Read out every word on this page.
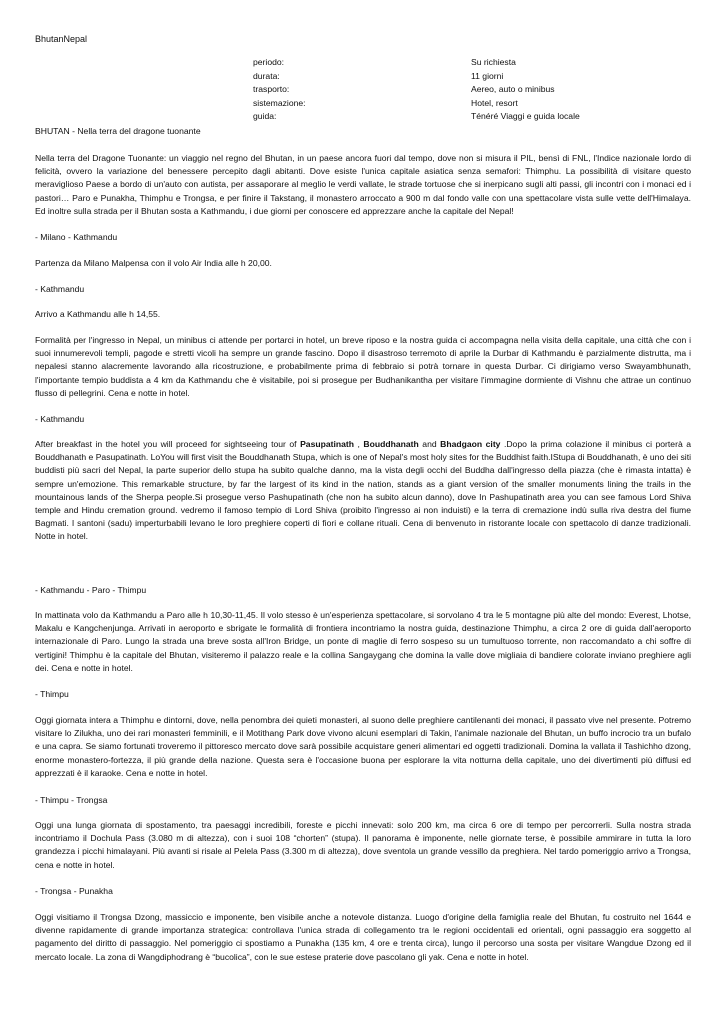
BhutanNepal
periodo:	Su richiesta
durata:	11 giorni
trasporto:	Aereo, auto o minibus
sistemazione:	Hotel, resort
guida:	Ténéré Viaggi e guida locale
BHUTAN - Nella terra del dragone tuonante

Nella terra del Dragone Tuonante: un viaggio nel regno del Bhutan, in un paese ancora fuori dal tempo, dove non si misura il PIL, bensì di FNL, l'Indice nazionale lordo di felicità, ovvero la variazione del benessere percepito dagli abitanti. Dove esiste l'unica capitale asiatica senza semafori: Thimphu. La possibilità di visitare questo meraviglioso Paese a bordo di un'auto con autista, per assaporare al meglio le verdi vallate, le strade tortuose che si inerpicano sugli alti passi, gli incontri con i monaci ed i pastori… Paro e Punakha, Thimphu e Trongsa, e per finire il Takstang, il monastero arroccato a 900 m dal fondo valle con una spettacolare vista sulle vette dell'Himalaya. Ed inoltre sulla strada per il Bhutan sosta a Kathmandu, i due giorni per conoscere ed apprezzare anche la capitale del Nepal!

- Milano - Kathmandu

Partenza da Milano Malpensa con il volo Air India alle h 20,00.

- Kathmandu

Arrivo a Kathmandu alle h 14,55.

Formalità per l'ingresso in Nepal, un minibus ci attende per portarci in hotel, un breve riposo e la nostra guida ci accompagna nella visita della capitale, una città che con i suoi innumerevoli templi, pagode e stretti vicoli ha sempre un grande fascino. Dopo il disastroso terremoto di aprile la Durbar di Kathmandu è parzialmente distrutta, ma i nepalesi stanno alacremente lavorando alla ricostruzione, e probabilmente prima di febbraio si potrà tornare in questa Durbar. Ci dirigiamo verso Swayambhunath, l'importante tempio buddista a 4 km da Kathmandu che è visitabile, poi si prosegue per Budhanikantha per visitare l'immagine dormiente di Vishnu che attrae un continuo flusso di pellegrini. Cena e notte in hotel.

- Kathmandu

After breakfast in the hotel you will proceed for sightseeing tour of Pasupatinath , Bouddhanath and Bhadgaon city .Dopo la prima colazione il minibus ci porterà a Bouddhanath e Pasupatinath. LoYou will first visit the Bouddhanath Stupa, which is one of Nepal's most holy sites for the Buddhist faith.IStupa di Bouddhanath, è uno dei siti buddisti più sacri del Nepal, la parte superior dello stupa ha subito qualche danno, ma la vista degli occhi del Buddha dall'ingresso della piazza (che è rimasta intatta) è sempre un'emozione. This remarkable structure, by far the largest of its kind in the nation, stands as a giant version of the smaller monuments lining the trails in the mountainous lands of the Sherpa people.Si prosegue verso Pashupatinath (che non ha subito alcun danno), dove In Pashupatinath area you can see famous Lord Shiva temple and Hindu cremation ground. vedremo il famoso tempio di Lord Shiva (proibito l'ingresso ai non induisti) e la terra di cremazione indù sulla riva destra del fiume Bagmati. I santoni (sadu) imperturbabili levano le loro preghiere coperti di fiori e collane rituali. Cena di benvenuto in ristorante locale con spettacolo di danze tradizionali. Notte in hotel.

- Kathmandu - Paro - Thimpu

In mattinata volo da Kathmandu a Paro alle h 10,30-11,45. Il volo stesso è un'esperienza spettacolare, si sorvolano 4 tra le 5 montagne più alte del mondo: Everest, Lhotse, Makalu e Kangchenjunga. Arrivati in aeroporto e sbrigate le formalità di frontiera incontriamo la nostra guida, destinazione Thimphu, a circa 2 ore di guida dall'aeroporto internazionale di Paro. Lungo la strada una breve sosta all'Iron Bridge, un ponte di maglie di ferro sospeso su un tumultuoso torrente, non raccomandato a chi soffre di vertigini! Thimphu è la capitale del Bhutan, visiteremo il palazzo reale e la collina Sangaygang che domina la valle dove migliaia di bandiere colorate inviano preghiere agli dei. Cena e notte in hotel.

- Thimpu

Oggi giornata intera a Thimphu e dintorni, dove, nella penombra dei quieti monasteri, al suono delle preghiere cantilenanti dei monaci, il passato vive nel presente. Potremo visitare lo Zilukha, uno dei rari monasteri femminili, e il Motithang Park dove vivono alcuni esemplari di Takin, l'animale nazionale del Bhutan, un buffo incrocio tra un bufalo e una capra. Se siamo fortunati troveremo il pittoresco mercato dove sarà possibile acquistare generi alimentari ed oggetti tradizionali. Domina la vallata il Tashichho dzong, enorme monastero-fortezza, il più grande della nazione. Questa sera è l'occasione buona per esplorare la vita notturna della capitale, uno dei divertimenti più diffusi ed apprezzati è il karaoke. Cena e notte in hotel.

- Thimpu - Trongsa

Oggi una lunga giornata di spostamento, tra paesaggi incredibili, foreste e picchi innevati: solo 200 km, ma circa 6 ore di tempo per percorrerli. Sulla nostra strada incontriamo il Dochula Pass (3.080 m di altezza), con i suoi 108 “chorten” (stupa). Il panorama è imponente, nelle giornate terse, è possibile ammirare in tutta la loro grandezza i picchi himalayani. Più avanti si risale al Pelela Pass (3.300 m di altezza), dove sventola un grande vessillo da preghiera. Nel tardo pomeriggio arrivo a Trongsa, cena e notte in hotel.

- Trongsa - Punakha

Oggi visitiamo il Trongsa Dzong, massiccio e imponente, ben visibile anche a notevole distanza. Luogo d'origine della famiglia reale del Bhutan, fu costruito nel 1644 e divenne rapidamente di grande importanza strategica: controllava l'unica strada di collegamento tra le regioni occidentali ed orientali, ogni passaggio era soggetto al pagamento del diritto di passaggio. Nel pomeriggio ci spostiamo a Punakha (135 km, 4 ore e trenta circa), lungo il percorso una sosta per visitare Wangdue Dzong ed il mercato locale. La zona di Wangdiphodrang è “bucolica”, con le sue estese praterie dove pascolano gli yak. Cena e notte in hotel.
